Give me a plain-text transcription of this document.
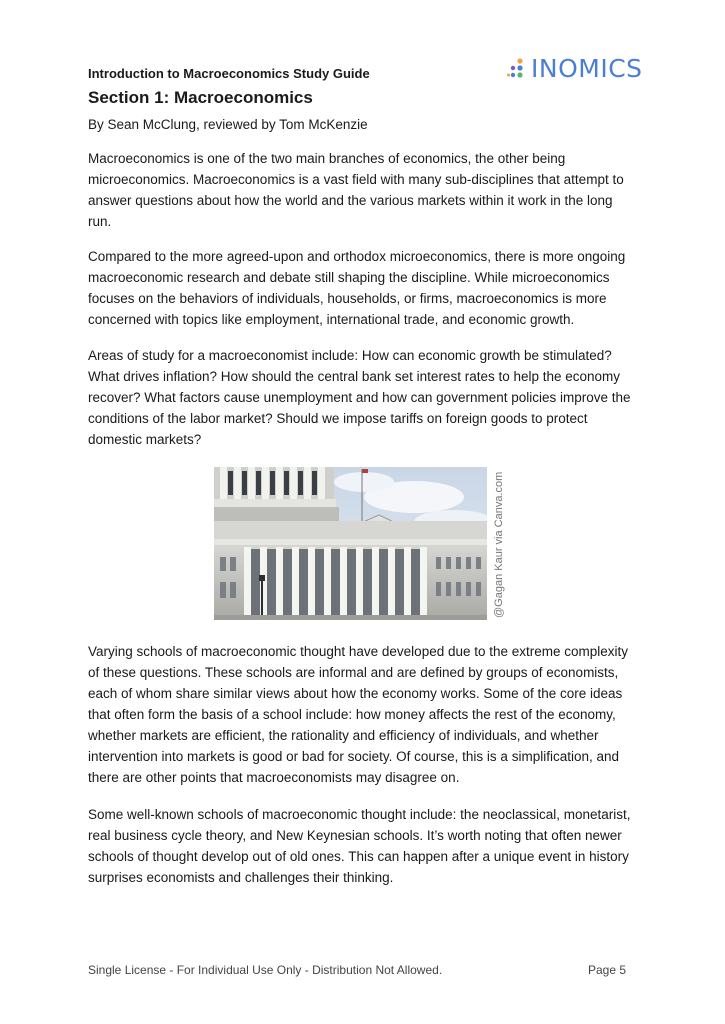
Introduction to Macroeconomics Study Guide	INOMICS
Section 1: Macroeconomics
By Sean McClung, reviewed by Tom McKenzie

Macroeconomics is one of the two main branches of economics, the other being microeconomics. Macroeconomics is a vast field with many sub-disciplines that attempt to answer questions about how the world and the various markets within it work in the long run.

Compared to the more agreed-upon and orthodox microeconomics, there is more ongoing macroeconomic research and debate still shaping the discipline. While microeconomics focuses on the behaviors of individuals, households, or firms, macroeconomics is more concerned with topics like employment, international trade, and economic growth.

Areas of study for a macroeconomist include: How can economic growth be stimulated? What drives inflation? How should the central bank set interest rates to help the economy recover? What factors cause unemployment and how can government policies improve the conditions of the labor market? Should we impose tariffs on foreign goods to protect domestic markets?

@Gagan Kaur via Canva.com

Varying schools of macroeconomic thought have developed due to the extreme complexity of these questions. These schools are informal and are defined by groups of economists, each of whom share similar views about how the economy works. Some of the core ideas that often form the basis of a school include: how money affects the rest of the economy, whether markets are efficient, the rationality and efficiency of individuals, and whether intervention into markets is good or bad for society. Of course, this is a simplification, and there are other points that macroeconomists may disagree on.

Some well-known schools of macroeconomic thought include: the neoclassical, monetarist, real business cycle theory, and New Keynesian schools. It’s worth noting that often newer schools of thought develop out of old ones. This can happen after a unique event in history surprises economists and challenges their thinking.

Single License - For Individual Use Only - Distribution Not Allowed.	Page 5
